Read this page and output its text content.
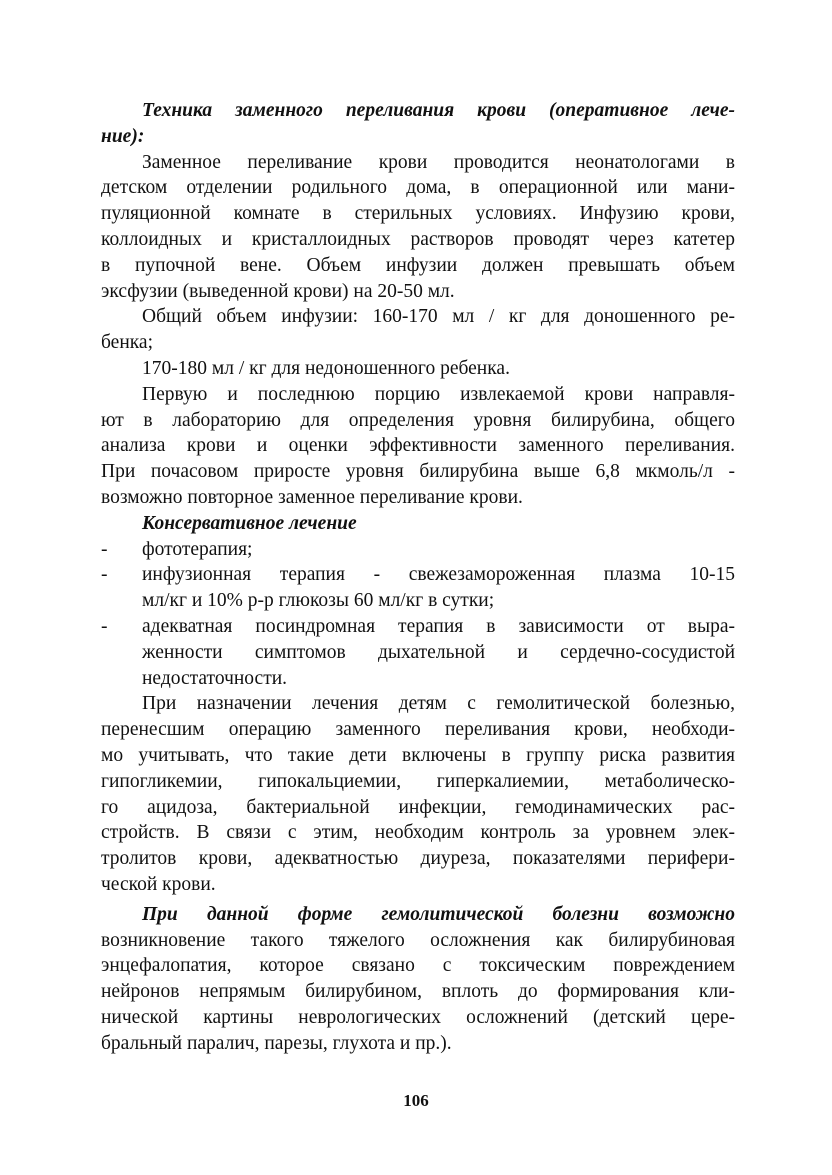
Техника заменного переливания крови (оперативное лече-
ние):
Заменное переливание крови проводится неонатологами в
детском отделении родильного дома, в операционной или мани-
пуляционной комнате в стерильных условиях. Инфузию крови,
коллоидных и кристаллоидных растворов проводят через катетер
в пупочной вене. Объем инфузии должен превышать объем
эксфузии (выведенной крови) на 20-50 мл.
Общий объем инфузии: 160-170 мл / кг для доношенного ре-
бенка;
170-180 мл / кг для недоношенного ребенка.
Первую и последнюю порцию извлекаемой крови направля-
ют в лабораторию для определения уровня билирубина, общего
анализа крови и оценки эффективности заменного переливания.
При почасовом приросте уровня билирубина выше 6,8 мкмоль/л -
возможно повторное заменное переливание крови.
Консервативное лечение
-	фототерапия;
-	инфузионная терапия - свежезамороженная плазма 10-15
мл/кг и 10% р-р глюкозы 60 мл/кг в сутки;
-	адекватная посиндромная терапия в зависимости от выра-
женности симптомов дыхательной и сердечно-сосудистой
недостаточности.
При назначении лечения детям с гемолитической болезнью,
перенесшим операцию заменного переливания крови, необходи-
мо учитывать, что такие дети включены в группу риска развития
гипогликемии, гипокальциемии, гиперкалиемии, метаболическо-
го ацидоза, бактериальной инфекции, гемодинамических рас-
стройств. В связи с этим, необходим контроль за уровнем элек-
тролитов крови, адекватностью диуреза, показателями перифери-
ческой крови.
При данной форме гемолитической болезни возможно
возникновение такого тяжелого осложнения как билирубиновая
энцефалопатия, которое связано с токсическим повреждением
нейронов непрямым билирубином, вплоть до формирования кли-
нической картины неврологических осложнений (детский цере-
бральный паралич, парезы, глухота и пр.).
106
